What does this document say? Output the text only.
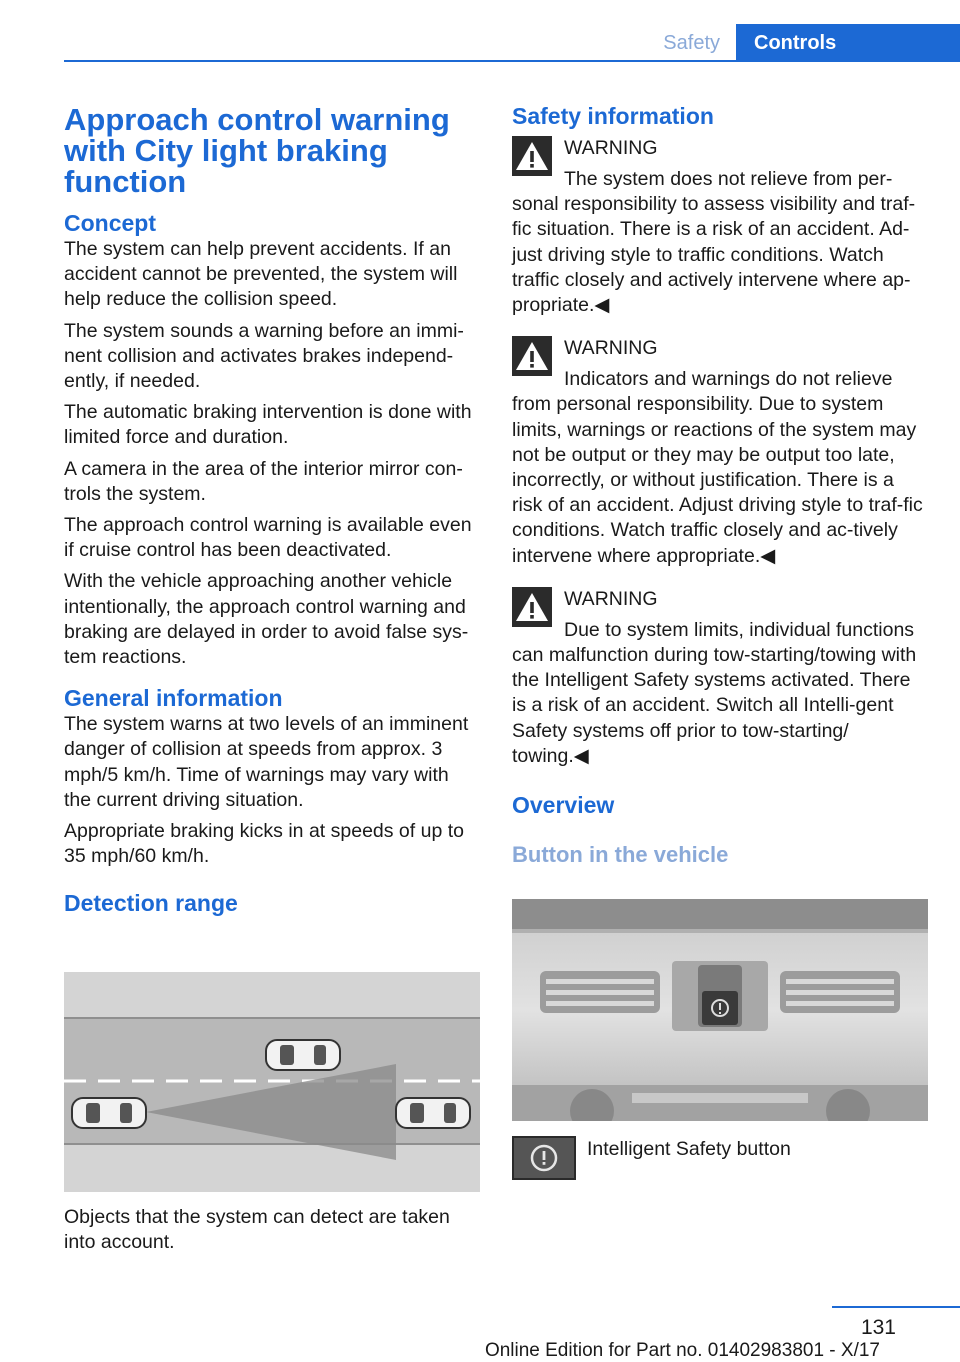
Safety	Controls
Approach control warning with City light braking function
Concept

The system can help prevent accidents. If an accident cannot be prevented, the system will help reduce the collision speed.

The system sounds a warning before an immi‐nent collision and activates brakes independ‐ently, if needed.

The automatic braking intervention is done with limited force and duration.

A camera in the area of the interior mirror con‐trols the system.

The approach control warning is available even if cruise control has been deactivated.

With the vehicle approaching another vehicle intentionally, the approach control warning and braking are delayed in order to avoid false sys‐tem reactions.

General information

The system warns at two levels of an imminent danger of collision at speeds from approx. 3 mph/5 km/h. Time of warnings may vary with the current driving situation.

Appropriate braking kicks in at speeds of up to 35 mph/60 km/h.

Detection range

Objects that the system can detect are taken into account.

Safety information
WARNING

The system does not relieve from per‐

sonal responsibility to assess visibility and traf‐fic situation. There is a risk of an accident. Ad‐just driving style to traffic conditions. Watch traffic closely and actively intervene where ap‐propriate.◀

WARNING

Indicators and warnings do not relieve

from personal responsibility. Due to system limits, warnings or reactions of the system may not be output or they may be output too late, incorrectly, or without justification. There is a risk of an accident. Adjust driving style to traf‐fic conditions. Watch traffic closely and ac‐tively intervene where appropriate.◀

WARNING

Due to system limits, individual functions

can malfunction during tow-starting/towing with the Intelligent Safety systems activated. There is a risk of an accident. Switch all Intelli‐gent Safety systems off prior to tow-starting/ towing.◀

Overview
Button in the vehicle

Intelligent Safety button

131
Online Edition for Part no. 01402983801 - X/17
